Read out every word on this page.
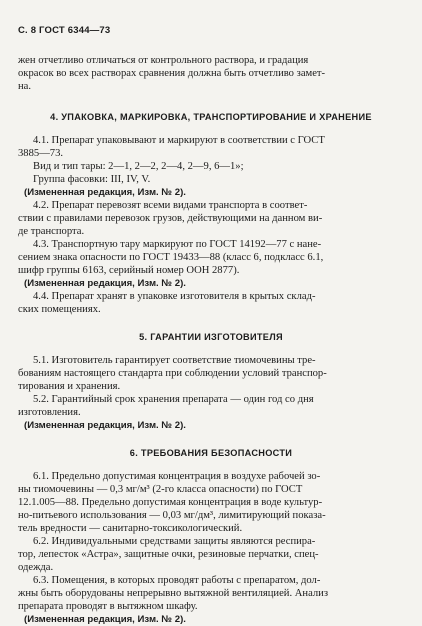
С. 8 ГОСТ 6344—73

жен отчетливо отличаться от контрольного раствора, и градация

окрасок во всех растворах сравнения должна быть отчетливо замет-

на.

4. УПАКОВКА, МАРКИРОВКА, ТРАНСПОРТИРОВАНИЕ И ХРАНЕНИЕ

4.1. Препарат упаковывают и маркируют в соответствии с ГОСТ

3885—73.

Вид и тип тары: 2—1, 2—2, 2—4, 2—9, 6—1»;

Группа фасовки: III, IV, V.

(Измененная редакция, Изм. № 2).

4.2. Препарат перевозят всеми видами транспорта в соответ-

ствии с правилами перевозок грузов, действующими на данном ви-

де транспорта.

4.3. Транспортную тару маркируют по ГОСТ 14192—77 с нане-

сением знака опасности по ГОСТ 19433—88 (класс 6, подкласс 6.1,

шифр группы 6163, серийный номер ООН 2877).

(Измененная редакция, Изм. № 2).

4.4. Препарат хранят в упаковке изготовителя в крытых склад-

ских помещениях.

5. ГАРАНТИИ ИЗГОТОВИТЕЛЯ

5.1. Изготовитель гарантирует соответствие тиомочевины тре-

бованиям настоящего стандарта при соблюдении условий транспор-

тирования и хранения.

5.2. Гарантийный срок хранения препарата — один год со дня

изготовления.

(Измененная редакция, Изм. № 2).

6. ТРЕБОВАНИЯ БЕЗОПАСНОСТИ

6.1. Предельно допустимая концентрация в воздухе рабочей зо-

ны тиомочевины — 0,3 мг/м³ (2-го класса опасности) по ГОСТ

12.1.005—88. Предельно допустимая концентрация в воде культур-

но-питьевого использования — 0,03 мг/дм³, лимитирующий показа-

тель вредности — санитарно-токсикологический.

6.2. Индивидуальными средствами защиты являются респира-

тор, лепесток «Астра», защитные очки, резиновые перчатки, спец-

одежда.

6.3. Помещения, в которых проводят работы с препаратом, дол-

жны быть оборудованы непрерывно вытяжной вентиляцией. Анализ

препарата проводят в вытяжном шкафу.

(Измененная редакция, Изм. № 2).
